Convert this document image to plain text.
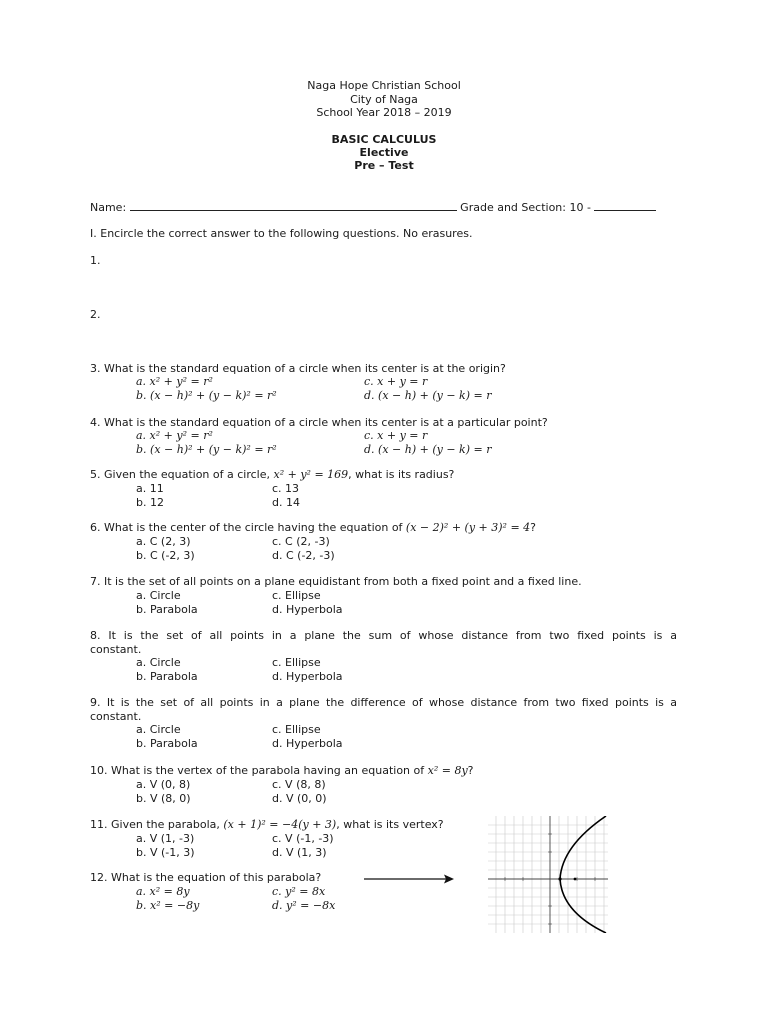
Naga Hope Christian School
City of Naga
School Year 2018 – 2019
BASIC CALCULUS
Elective
Pre – Test
Name:	Grade and Section: 10 -
I. Encircle the correct answer to the following questions. No erasures.
1.
2.
3. What is the standard equation of a circle when its center is at the origin?
a. x² + y² = r²	c. x + y = r
b. (x − h)² + (y − k)² = r²	d. (x − h) + (y − k) = r
4. What is the standard equation of a circle when its center is at a particular point?
a. x² + y² = r²	c. x + y = r
b. (x − h)² + (y − k)² = r²	d. (x − h) + (y − k) = r
5. Given the equation of a circle, x² + y² = 169, what is its radius?
a. 11	c. 13
b. 12	d. 14
6. What is the center of the circle having the equation of (x − 2)² + (y + 3)² = 4?
a. C (2, 3)	c. C (2, -3)
b. C (-2, 3)	d. C (-2, -3)
7. It is the set of all points on a plane equidistant from both a fixed point and a fixed line.
a. Circle	c. Ellipse
b. Parabola	d. Hyperbola
8. It is the set of all points in a plane the sum of whose distance from two fixed points is a
constant.
a. Circle	c. Ellipse
b. Parabola	d. Hyperbola
9. It is the set of all points in a plane the difference of whose distance from two fixed points is a
constant.
a. Circle	c. Ellipse
b. Parabola	d. Hyperbola
10. What is the vertex of the parabola having an equation of x² = 8y?
a. V (0, 8)	c. V (8, 8)
b. V (8, 0)	d. V (0, 0)
11. Given the parabola, (x + 1)² = −4(y + 3), what is its vertex?
a. V (1, -3)	c. V (-1, -3)
b. V (-1, 3)	d. V (1, 3)
12. What is the equation of this parabola?
a. x² = 8y	c. y² = 8x
b. x² = −8y	d. y² = −8x
